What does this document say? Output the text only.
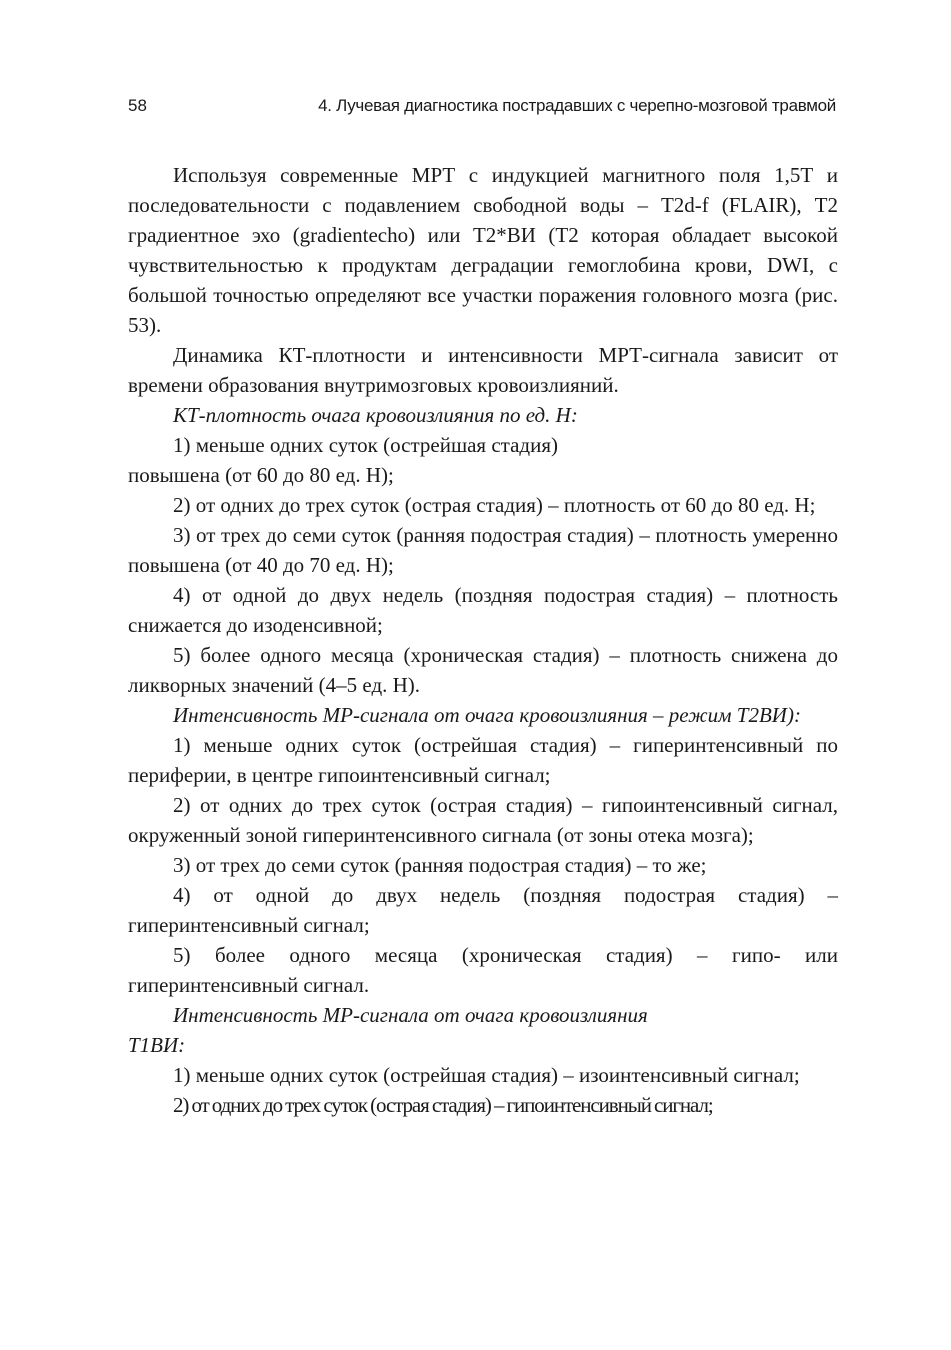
58	4. Лучевая диагностика пострадавших с черепно-мозговой травмой

Используя современные МРТ с индукцией магнитного поля 1,5Т и последовательности с подавлением свободной воды – T2d-f (FLAIR), Т2 градиентное эхо (gradientecho) или T2*ВИ (T2 которая обладает высокой чувствительностью к продуктам деградации гемоглобина крови, DWI, с большой точностью определяют все участки поражения головного мозга (рис. 53).

Динамика КТ-плотности и интенсивности МРТ-сигнала зависит от времени образования внутримозговых кровоизлияний.

КТ-плотность очага кровоизлияния по ед. Н:

1) меньше одних суток (острейшая стадия)

повышена (от 60 до 80 ед. Н);

2) от одних до трех суток (острая стадия) – плотность от 60 до 80 ед. Н;

3) от трех до семи суток (ранняя подострая стадия) – плотность умеренно повышена (от 40 до 70 ед. Н);

4) от одной до двух недель (поздняя подострая стадия) – плотность снижается до изоденсивной;

5) более одного месяца (хроническая стадия) – плотность снижена до ликворных значений (4–5 ед. Н).

Интенсивность МР-сигнала от очага кровоизлияния – режим Т2ВИ):

1) меньше одних суток (острейшая стадия) – гиперинтенсивный по периферии, в центре гипоинтенсивный сигнал;

2) от одних до трех суток (острая стадия) – гипоинтенсивный сигнал, окруженный зоной гиперинтенсивного сигнала (от зоны отека мозга);

3) от трех до семи суток (ранняя подострая стадия) – то же;

4) от одной до двух недель (поздняя подострая стадия) – гиперинтенсивный сигнал;

5) более одного месяца (хроническая стадия) – гипо- или гиперинтенсивный сигнал.

Интенсивность МР-сигнала от очага кровоизлияния

Т1ВИ:

1) меньше одних суток (острейшая стадия) – изоинтенсивный сигнал;

2) от одних до трех суток (острая стадия) – гипоинтенсивный сигнал;
